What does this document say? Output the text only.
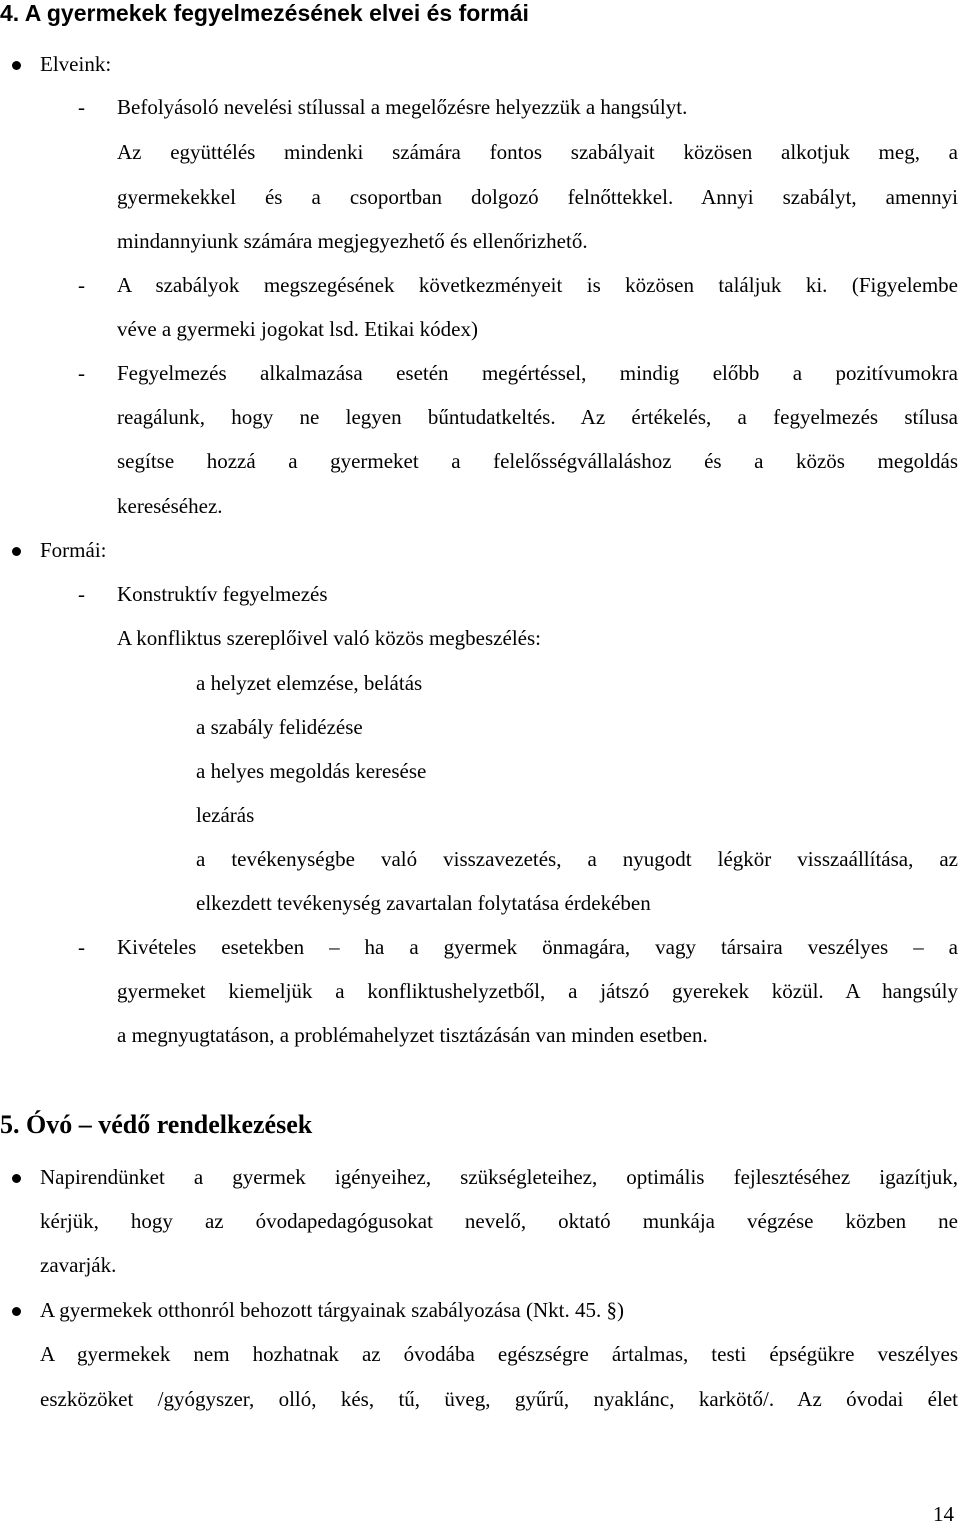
4. A gyermekek fegyelmezésének elvei és formái
Elveink:
- Befolyásoló nevelési stílussal a megelőzésre helyezzük a hangsúlyt.
Az együttélés mindenki számára fontos szabályait közösen alkotjuk meg, a
gyermekekkel és a csoportban dolgozó felnőttekkel. Annyi szabályt, amennyi
mindannyiunk számára megjegyezhető és ellenőrizhető.
- A szabályok megszegésének következményeit is közösen találjuk ki. (Figyelembe
véve a gyermeki jogokat lsd. Etikai kódex)
- Fegyelmezés alkalmazása esetén megértéssel, mindig előbb a pozitívumokra
reagálunk, hogy ne legyen bűntudatkeltés. Az értékelés, a fegyelmezés stílusa
segítse hozzá a gyermeket a felelősségvállaláshoz és a közös megoldás
kereséséhez.
Formái:
- Konstruktív fegyelmezés
A konfliktus szereplőivel való közös megbeszélés:
a helyzet elemzése, belátás
a szabály felidézése
a helyes megoldás keresése
lezárás
a tevékenységbe való visszavezetés, a nyugodt légkör visszaállítása, az
elkezdett tevékenység zavartalan folytatása érdekében
- Kivételes esetekben – ha a gyermek önmagára, vagy társaira veszélyes – a
gyermeket kiemeljük a konfliktushelyzetből, a játszó gyerekek közül. A hangsúly
a megnyugtatáson, a problémahelyzet tisztázásán van minden esetben.
5. Óvó – védő rendelkezések
Napirendünket a gyermek igényeihez, szükségleteihez, optimális fejlesztéséhez igazítjuk,
kérjük, hogy az óvodapedagógusokat nevelő, oktató munkája végzése közben ne
zavarják.
A gyermekek otthonról behozott tárgyainak szabályozása (Nkt. 45. §)
A gyermekek nem hozhatnak az óvodába egészségre ártalmas, testi épségükre veszélyes
eszközöket /gyógyszer, olló, kés, tű, üveg, gyűrű, nyaklánc, karkötő/. Az óvodai élet
14
